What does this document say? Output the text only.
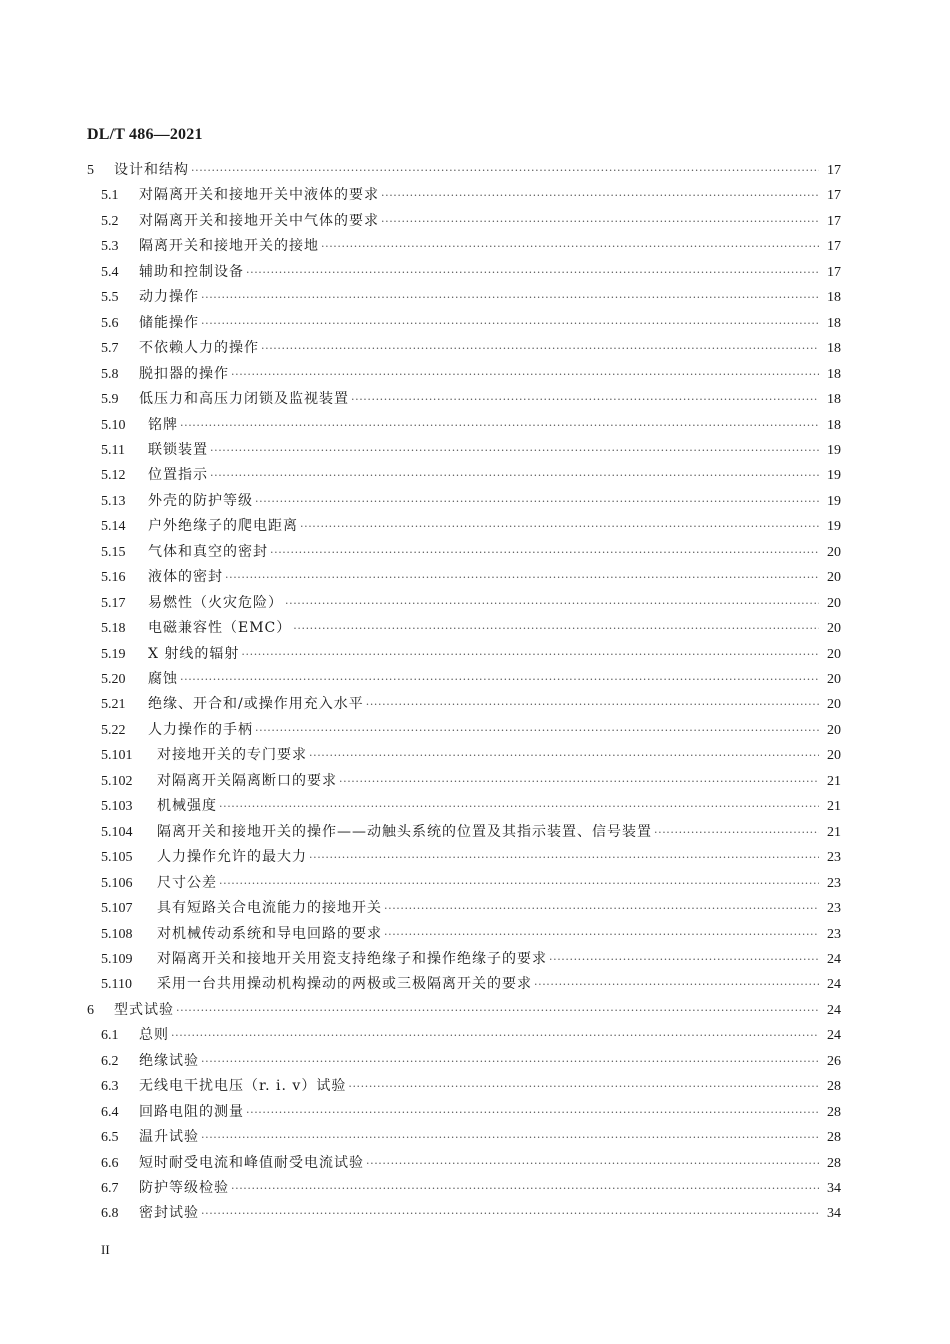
DL/T 486—2021
5	设计和结构 ·····	17
5.1	对隔离开关和接地开关中液体的要求 ·····	17
5.2	对隔离开关和接地开关中气体的要求 ·····	17
5.3	隔离开关和接地开关的接地 ·····	17
5.4	辅助和控制设备 ·····	17
5.5	动力操作 ·····	18
5.6	储能操作 ·····	18
5.7	不依赖人力的操作 ·····	18
5.8	脱扣器的操作 ·····	18
5.9	低压力和高压力闭锁及监视装置 ·····	18
5.10	铭牌 ·····	18
5.11	联锁装置 ·····	19
5.12	位置指示 ·····	19
5.13	外壳的防护等级 ·····	19
5.14	户外绝缘子的爬电距离 ·····	19
5.15	气体和真空的密封 ·····	20
5.16	液体的密封 ·····	20
5.17	易燃性（火灾危险） ·····	20
5.18	电磁兼容性（EMC） ·····	20
5.19	X 射线的辐射 ·····	20
5.20	腐蚀 ·····	20
5.21	绝缘、开合和/或操作用充入水平 ·····	20
5.22	人力操作的手柄 ·····	20
5.101	对接地开关的专门要求 ·····	20
5.102	对隔离开关隔离断口的要求 ·····	21
5.103	机械强度 ·····	21
5.104	隔离开关和接地开关的操作——动触头系统的位置及其指示装置、信号装置 ·····	21
5.105	人力操作允许的最大力 ·····	23
5.106	尺寸公差 ·····	23
5.107	具有短路关合电流能力的接地开关 ·····	23
5.108	对机械传动系统和导电回路的要求 ·····	23
5.109	对隔离开关和接地开关用瓷支持绝缘子和操作绝缘子的要求 ·····	24
5.110	采用一台共用操动机构操动的两极或三极隔离开关的要求 ·····	24
6	型式试验 ·····	24
6.1	总则 ·····	24
6.2	绝缘试验 ·····	26
6.3	无线电干扰电压（r. i. v）试验 ·····	28
6.4	回路电阻的测量 ·····	28
6.5	温升试验 ·····	28
6.6	短时耐受电流和峰值耐受电流试验 ·····	28
6.7	防护等级检验 ·····	34
6.8	密封试验 ·····	34
II
